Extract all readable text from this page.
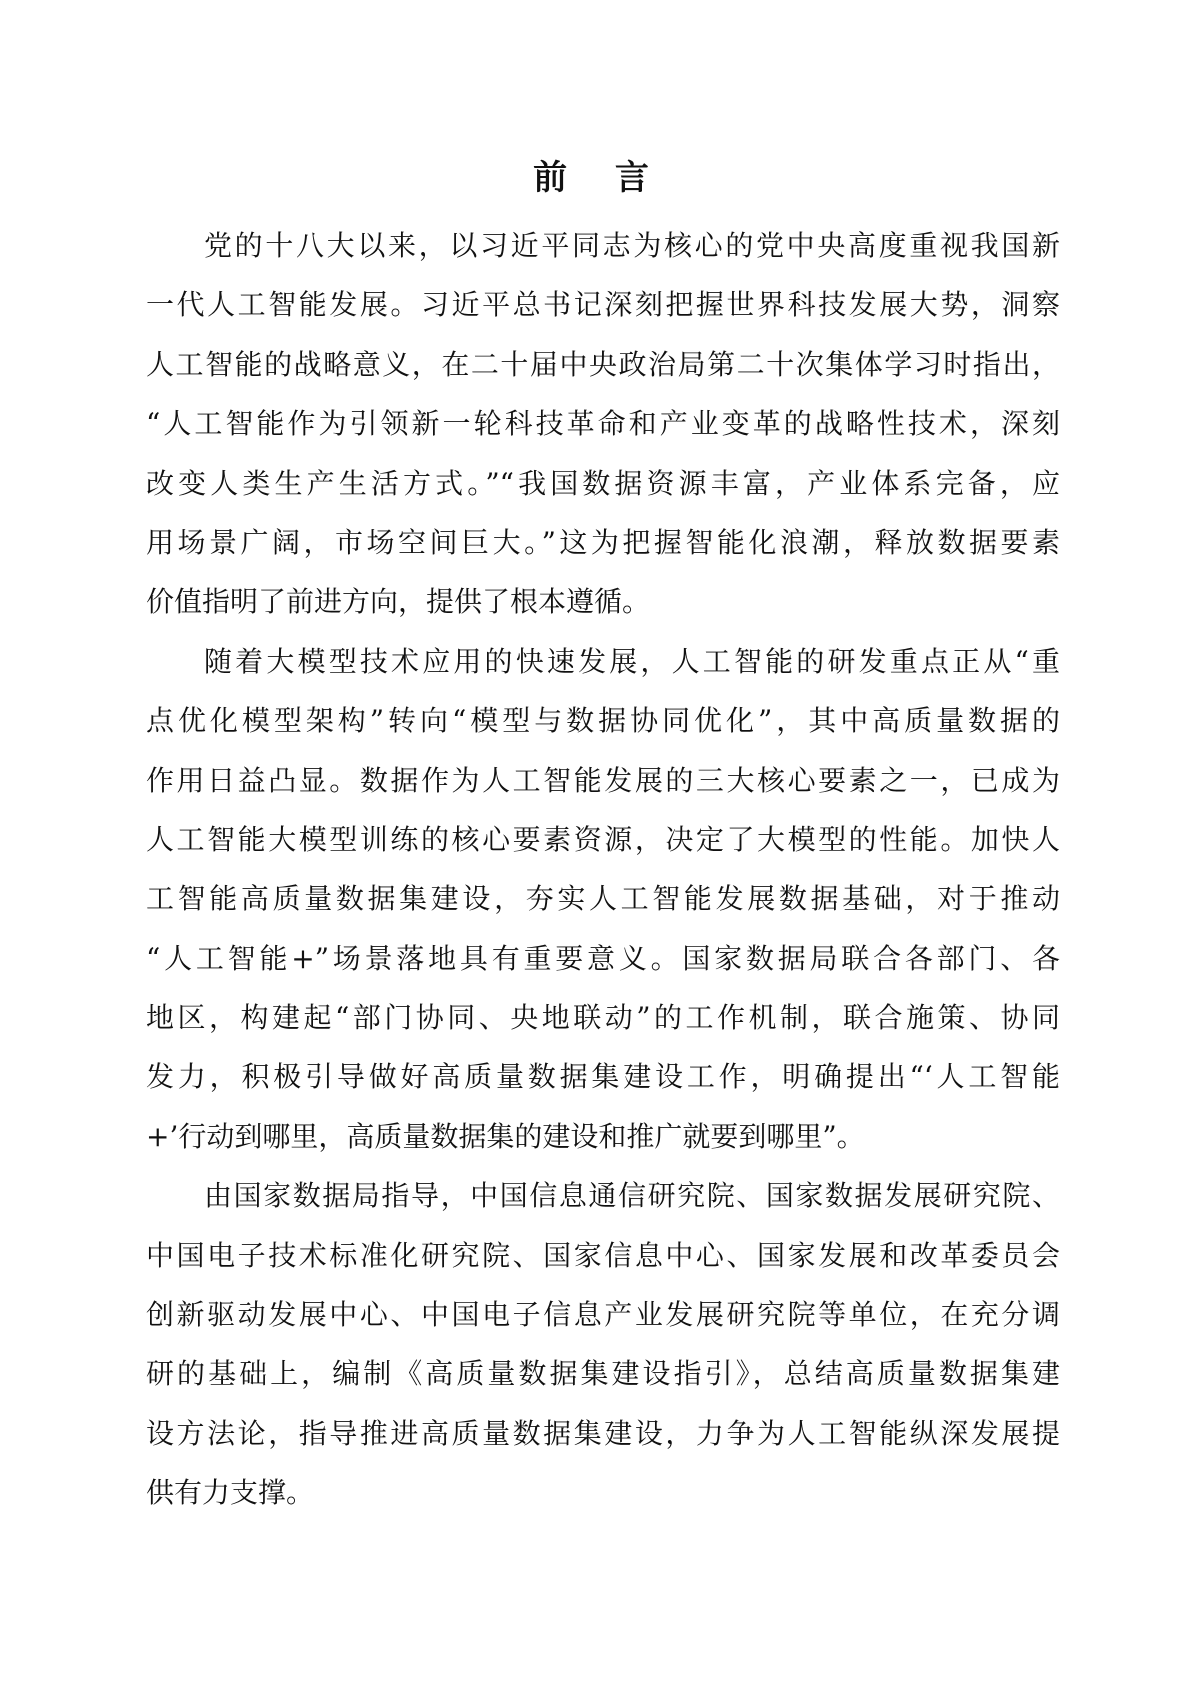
前 言
党的十八大以来，以习近平同志为核心的党中央高度重视我国新
一代人工智能发展。习近平总书记深刻把握世界科技发展大势，洞察
人工智能的战略意义，在二十届中央政治局第二十次集体学习时指出，
“人工智能作为引领新一轮科技革命和产业变革的战略性技术，深刻
改变人类生产生活方式。”“我国数据资源丰富，产业体系完备，应
用场景广阔，市场空间巨大。”这为把握智能化浪潮，释放数据要素
价值指明了前进方向，提供了根本遵循。
随着大模型技术应用的快速发展，人工智能的研发重点正从“重
点优化模型架构”转向“模型与数据协同优化”，其中高质量数据的
作用日益凸显。数据作为人工智能发展的三大核心要素之一，已成为
人工智能大模型训练的核心要素资源，决定了大模型的性能。加快人
工智能高质量数据集建设，夯实人工智能发展数据基础，对于推动
“人工智能+”场景落地具有重要意义。国家数据局联合各部门、各
地区，构建起“部门协同、央地联动”的工作机制，联合施策、协同
发力，积极引导做好高质量数据集建设工作，明确提出“‘人工智能
+’行动到哪里，高质量数据集的建设和推广就要到哪里”。
由国家数据局指导，中国信息通信研究院、国家数据发展研究院、
中国电子技术标准化研究院、国家信息中心、国家发展和改革委员会
创新驱动发展中心、中国电子信息产业发展研究院等单位，在充分调
研的基础上，编制《高质量数据集建设指引》，总结高质量数据集建
设方法论，指导推进高质量数据集建设，力争为人工智能纵深发展提
供有力支撑。
